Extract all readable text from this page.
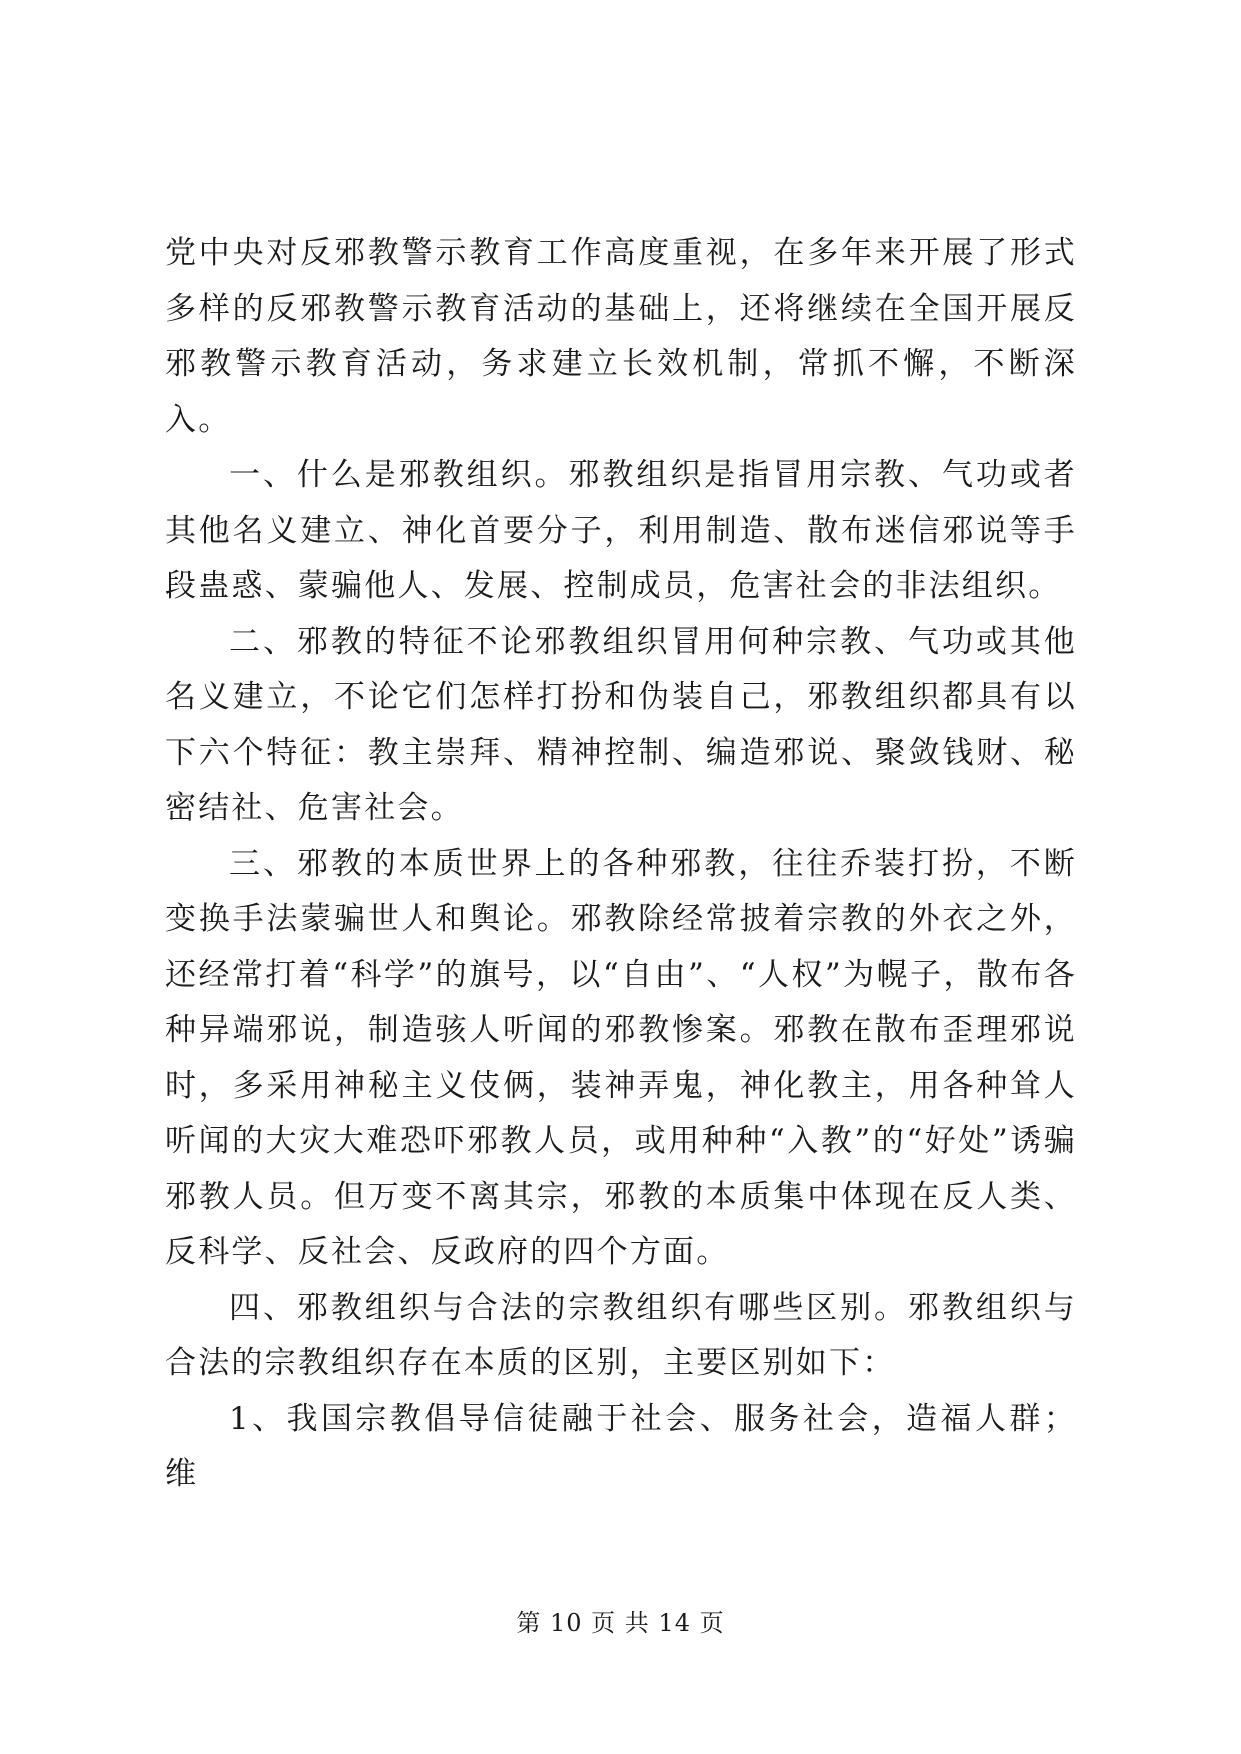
党中央对反邪教警示教育工作高度重视，在多年来开展了形式多样的反邪教警示教育活动的基础上，还将继续在全国开展反邪教警示教育活动，务求建立长效机制，常抓不懈，不断深入。

一、什么是邪教组织。邪教组织是指冒用宗教、气功或者其他名义建立、神化首要分子，利用制造、散布迷信邪说等手段蛊惑、蒙骗他人、发展、控制成员，危害社会的非法组织。

二、邪教的特征不论邪教组织冒用何种宗教、气功或其他名义建立，不论它们怎样打扮和伪装自己，邪教组织都具有以下六个特征：教主崇拜、精神控制、编造邪说、聚敛钱财、秘密结社、危害社会。

三、邪教的本质世界上的各种邪教，往往乔装打扮，不断变换手法蒙骗世人和舆论。邪教除经常披着宗教的外衣之外，还经常打着“科学”的旗号，以“自由”、“人权”为幌子，散布各种异端邪说，制造骇人听闻的邪教惨案。邪教在散布歪理邪说时，多采用神秘主义伎俩，装神弄鬼，神化教主，用各种耸人听闻的大灾大难恐吓邪教人员，或用种种“入教”的“好处”诱骗邪教人员。但万变不离其宗，邪教的本质集中体现在反人类、反科学、反社会、反政府的四个方面。

四、邪教组织与合法的宗教组织有哪些区别。邪教组织与合法的宗教组织存在本质的区别，主要区别如下：

1、我国宗教倡导信徒融于社会、服务社会，造福人群；维

第 10 页 共 14 页
